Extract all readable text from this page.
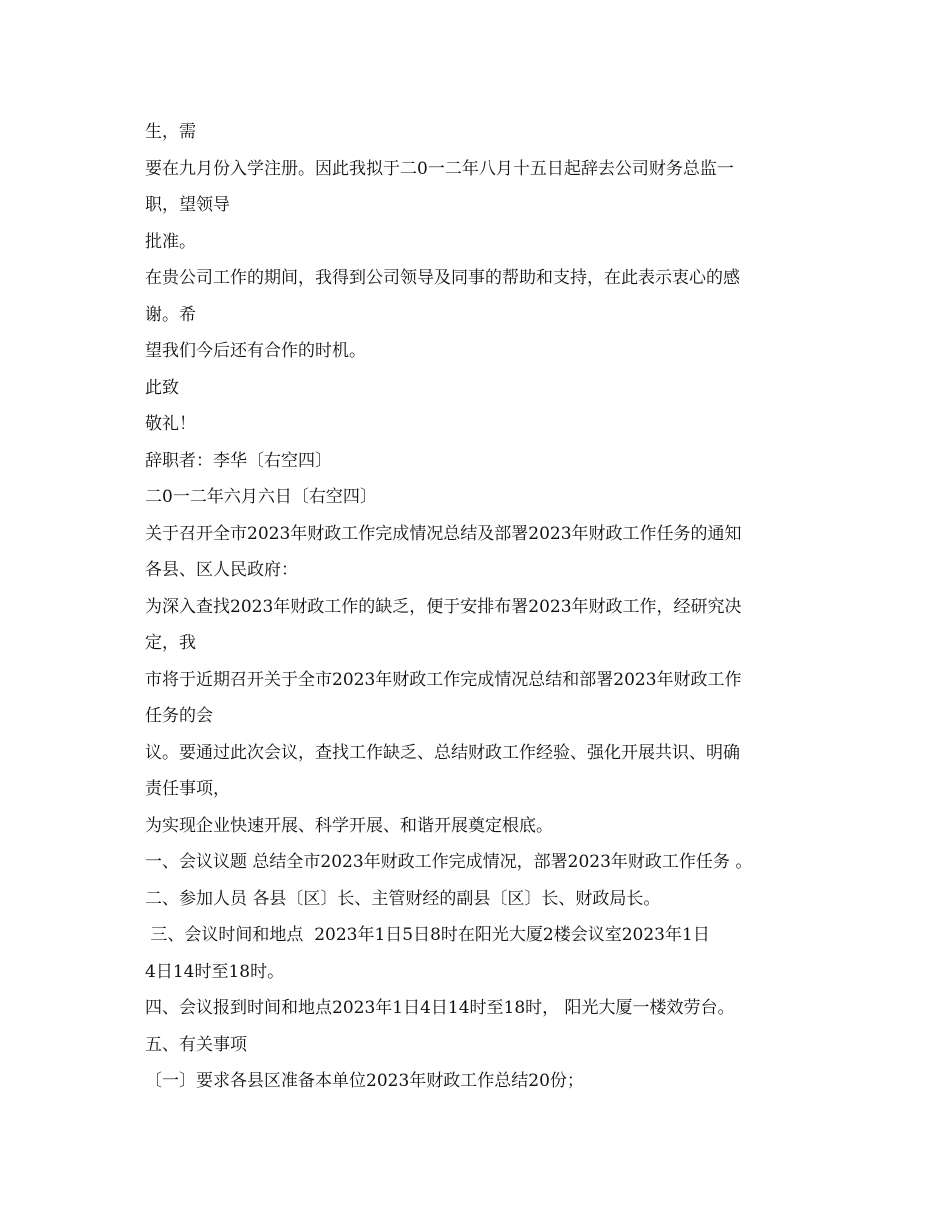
生，需
要在九月份入学注册。因此我拟于二0一二年八月十五日起辞去公司财务总监一
职，望领导
批准。
在贵公司工作的期间，我得到公司领导及同事的帮助和支持，在此表示衷心的感
谢。希
望我们今后还有合作的时机。
此致
敬礼！
辞职者：李华〔右空四〕
二0一二年六月六日〔右空四〕
关于召开全市2023年财政工作完成情况总结及部署2023年财政工作任务的通知
各县、区人民政府：
为深入查找2023年财政工作的缺乏，便于安排布署2023年财政工作，经研究决
定，我
市将于近期召开关于全市2023年财政工作完成情况总结和部署2023年财政工作
任务的会
议。要通过此次会议，查找工作缺乏、总结财政工作经验、强化开展共识、明确
责任事项，
为实现企业快速开展、科学开展、和谐开展奠定根底。
一、会议议题 总结全市2023年财政工作完成情况，部署2023年财政工作任务 。
二、参加人员 各县〔区〕长、主管财经的副县〔区〕长、财政局长。
三、会议时间和地点  2023年1日5日8时在阳光大厦2楼会议室2023年1日
4日14时至18时。
四、会议报到时间和地点2023年1日4日14时至18时， 阳光大厦一楼效劳台。
五、有关事项
〔一〕要求各县区准备本单位2023年财政工作总结20份；
